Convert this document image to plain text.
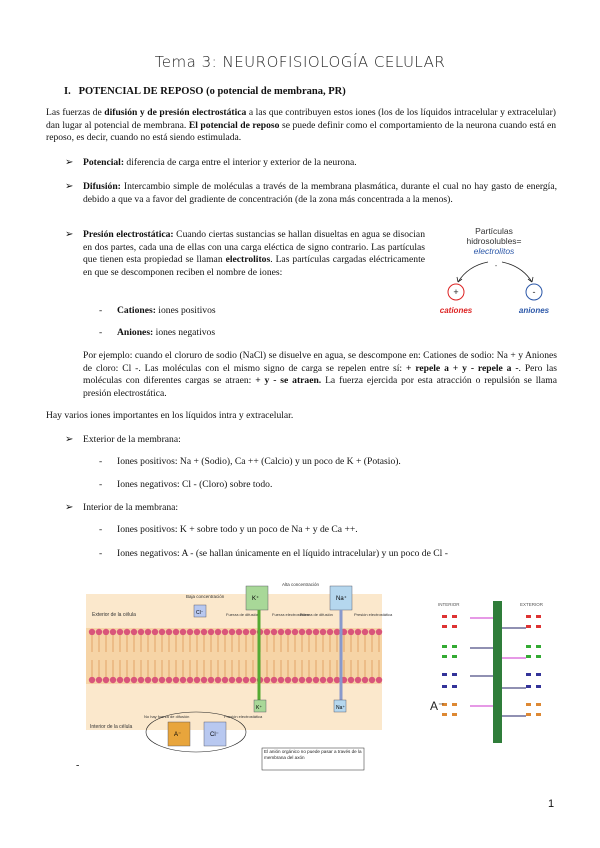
Tema 3: NEUROFISIOLOGÍA CELULAR
I. POTENCIAL DE REPOSO (o potencial de membrana, PR)
Las fuerzas de difusión y de presión electrostática a las que contribuyen estos iones (los de los líquidos intracelular y extracelular) dan lugar al potencial de membrana. El potencial de reposo se puede definir como el comportamiento de la neurona cuando está en reposo, es decir, cuando no está siendo estimulada.
➢ Potencial: diferencia de carga entre el interior y exterior de la neurona.
➢ Difusión: Intercambio simple de moléculas a través de la membrana plasmática, durante el cual no hay gasto de energía, debido a que va a favor del gradiente de concentración (de la zona más concentrada a la menos).
➢ Presión electrostática: Cuando ciertas sustancias se hallan disueltas en agua se disocian en dos partes, cada una de ellas con una carga eléctica de signo contrario. Las partículas que tienen esta propiedad se llaman electrolitos. Las partículas cargadas eléctricamente en que se descomponen reciben el nombre de iones:
Partículas
hidrosolubles=
electrolitos
-
+	-
cationes	aniones
- Cationes: iones positivos
- Aniones: iones negativos
Por ejemplo: cuando el cloruro de sodio (NaCl) se disuelve en agua, se descompone en: Cationes de sodio: Na + y Aniones de cloro: Cl -. Las moléculas con el mismo signo de carga se repelen entre sí: + repele a + y - repele a -. Pero las moléculas con diferentes cargas se atraen: + y - se atraen. La fuerza ejercida por esta atracción o repulsión se llama presión electrostática.
Hay varios iones importantes en los líquidos intra y extracelular.
➢ Exterior de la membrana:
- Iones positivos: Na + (Sodio), Ca ++ (Calcio) y un poco de K + (Potasio).
- Iones negativos: Cl - (Cloro) sobre todo.
➢ Interior de la membrana:
- Iones positivos: K + sobre todo y un poco de Na + y de Ca ++.
- Iones negativos: A - (se hallan únicamente en el líquido intracelular) y un poco de Cl -
Exterior de la célula
Interior de la célula
Baja concentración
Alta concentración
Cl⁻
K⁺	Na⁺
Fuerza de difusión	Fuerza electrostática
Fuerza de difusión	Presión electrostática
A⁻	Cl⁻
K⁺	Na⁺
No hay fuerza de difusión	Presión electrostática
El anión orgánico no puede pasar a través de la membrana del axón
INTERIOR	EXTERIOR
A⁻
-
1
